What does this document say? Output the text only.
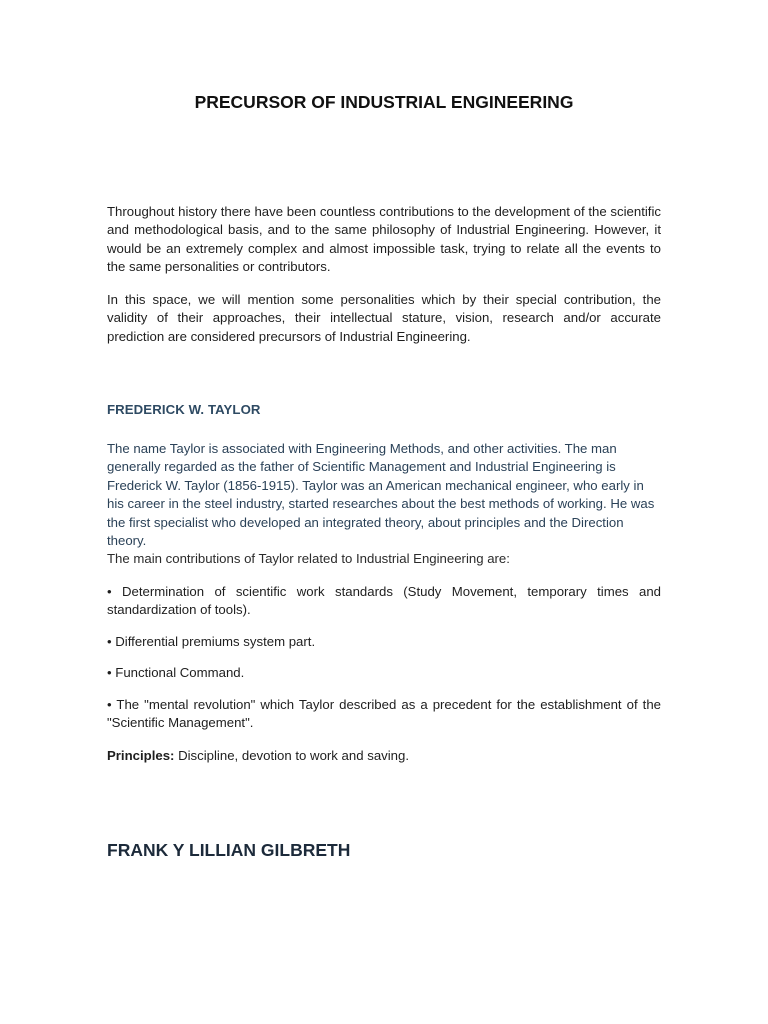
PRECURSOR OF INDUSTRIAL ENGINEERING

Throughout history there have been countless contributions to the development of the scientific and methodological basis, and to the same philosophy of Industrial Engineering. However, it would be an extremely complex and almost impossible task, trying to relate all the events to the same personalities or contributors.

In this space, we will mention some personalities which by their special contribution, the validity of their approaches, their intellectual stature, vision, research and/or accurate prediction are considered precursors of Industrial Engineering.

FREDERICK W. TAYLOR

The name Taylor is associated with Engineering Methods, and other activities. The man generally regarded as the father of Scientific Management and Industrial Engineering is Frederick W. Taylor (1856-1915). Taylor was an American mechanical engineer, who early in his career in the steel industry, started researches about the best methods of working. He was the first specialist who developed an integrated theory, about principles and the Direction theory.

The main contributions of Taylor related to Industrial Engineering are:

• Determination of scientific work standards (Study Movement, temporary times and standardization of tools).

• Differential premiums system part.

• Functional Command.

• The "mental revolution" which Taylor described as a precedent for the establishment of the "Scientific Management".

Principles: Discipline, devotion to work and saving.

FRANK Y LILLIAN GILBRETH
